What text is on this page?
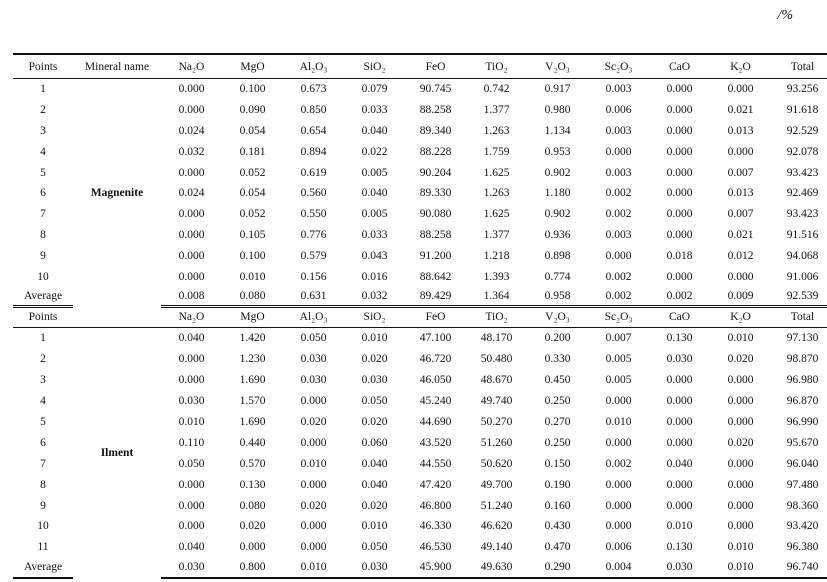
/%
Points	Mineral name	Na₂O	MgO	Al₂O₃	SiO₂	FeO	TiO₂	V₂O₃	Sc₂O₃	CaO	K₂O	Total
1	Magnenite	0.000	0.100	0.673	0.079	90.745	0.742	0.917	0.003	0.000	0.000	93.256
2		0.000	0.090	0.850	0.033	88.258	1.377	0.980	0.006	0.000	0.021	91.618
3		0.024	0.054	0.654	0.040	89.340	1.263	1.134	0.003	0.000	0.013	92.529
4		0.032	0.181	0.894	0.022	88.228	1.759	0.953	0.000	0.000	0.000	92.078
5		0.000	0.052	0.619	0.005	90.204	1.625	0.902	0.003	0.000	0.007	93.423
6		0.024	0.054	0.560	0.040	89.330	1.263	1.180	0.002	0.000	0.013	92.469
7		0.000	0.052	0.550	0.005	90.080	1.625	0.902	0.002	0.000	0.007	93.423
8		0.000	0.105	0.776	0.033	88.258	1.377	0.936	0.003	0.000	0.021	91.516
9		0.000	0.100	0.579	0.043	91.200	1.218	0.898	0.000	0.018	0.012	94.068
10		0.000	0.010	0.156	0.016	88.642	1.393	0.774	0.002	0.000	0.000	91.006
Average		0.008	0.080	0.631	0.032	89.429	1.364	0.958	0.002	0.002	0.009	92.539
Points		Na₂O	MgO	Al₂O₃	SiO₂	FeO	TiO₂	V₂O₃	Sc₂O₃	CaO	K₂O	Total
1	Ilment	0.040	1.420	0.050	0.010	47.100	48.170	0.200	0.007	0.130	0.010	97.130
2		0.000	1.230	0.030	0.020	46.720	50.480	0.330	0.005	0.030	0.020	98.870
3		0.000	1.690	0.030	0.030	46.050	48.670	0.450	0.005	0.000	0.000	96.980
4		0.030	1.570	0.000	0.050	45.240	49.740	0.250	0.000	0.000	0.000	96.870
5		0.010	1.690	0.020	0.020	44.690	50.270	0.270	0.010	0.000	0.000	96.990
6		0.110	0.440	0.000	0.060	43.520	51.260	0.250	0.000	0.000	0.020	95.670
7		0.050	0.570	0.010	0.040	44.550	50.620	0.150	0.002	0.040	0.000	96.040
8		0.000	0.130	0.000	0.040	47.420	49.700	0.190	0.000	0.000	0.000	97.480
9		0.000	0.080	0.020	0.020	46.800	51.240	0.160	0.000	0.000	0.000	98.360
10		0.000	0.020	0.000	0.010	46.330	46.620	0.430	0.000	0.010	0.000	93.420
11		0.040	0.000	0.000	0.050	46.530	49.140	0.470	0.006	0.130	0.010	96.380
Average		0.030	0.800	0.010	0.030	45.900	49.630	0.290	0.004	0.030	0.010	96.740
